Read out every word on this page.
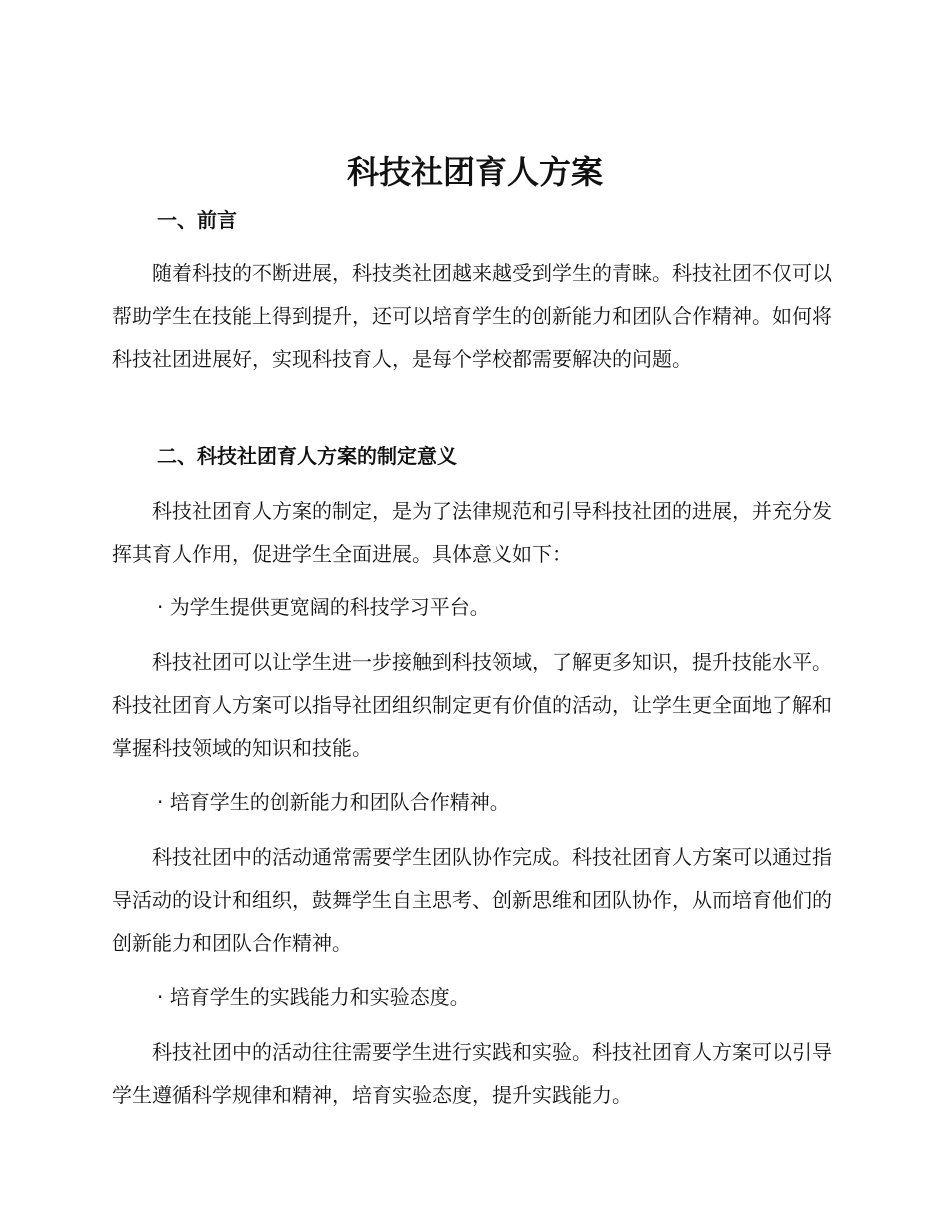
科技社团育人方案
一、前言

随着科技的不断进展，科技类社团越来越受到学生的青睐。科技社团不仅可以帮助学生在技能上得到提升，还可以培育学生的创新能力和团队合作精神。如何将科技社团进展好，实现科技育人，是每个学校都需要解决的问题。

二、科技社团育人方案的制定意义

科技社团育人方案的制定，是为了法律规范和引导科技社团的进展，并充分发挥其育人作用，促进学生全面进展。具体意义如下：

· 为学生提供更宽阔的科技学习平台。

科技社团可以让学生进一步接触到科技领域，了解更多知识，提升技能水平。科技社团育人方案可以指导社团组织制定更有价值的活动，让学生更全面地了解和掌握科技领域的知识和技能。

· 培育学生的创新能力和团队合作精神。

科技社团中的活动通常需要学生团队协作完成。科技社团育人方案可以通过指导活动的设计和组织，鼓舞学生自主思考、创新思维和团队协作，从而培育他们的创新能力和团队合作精神。

· 培育学生的实践能力和实验态度。

科技社团中的活动往往需要学生进行实践和实验。科技社团育人方案可以引导学生遵循科学规律和精神，培育实验态度，提升实践能力。
